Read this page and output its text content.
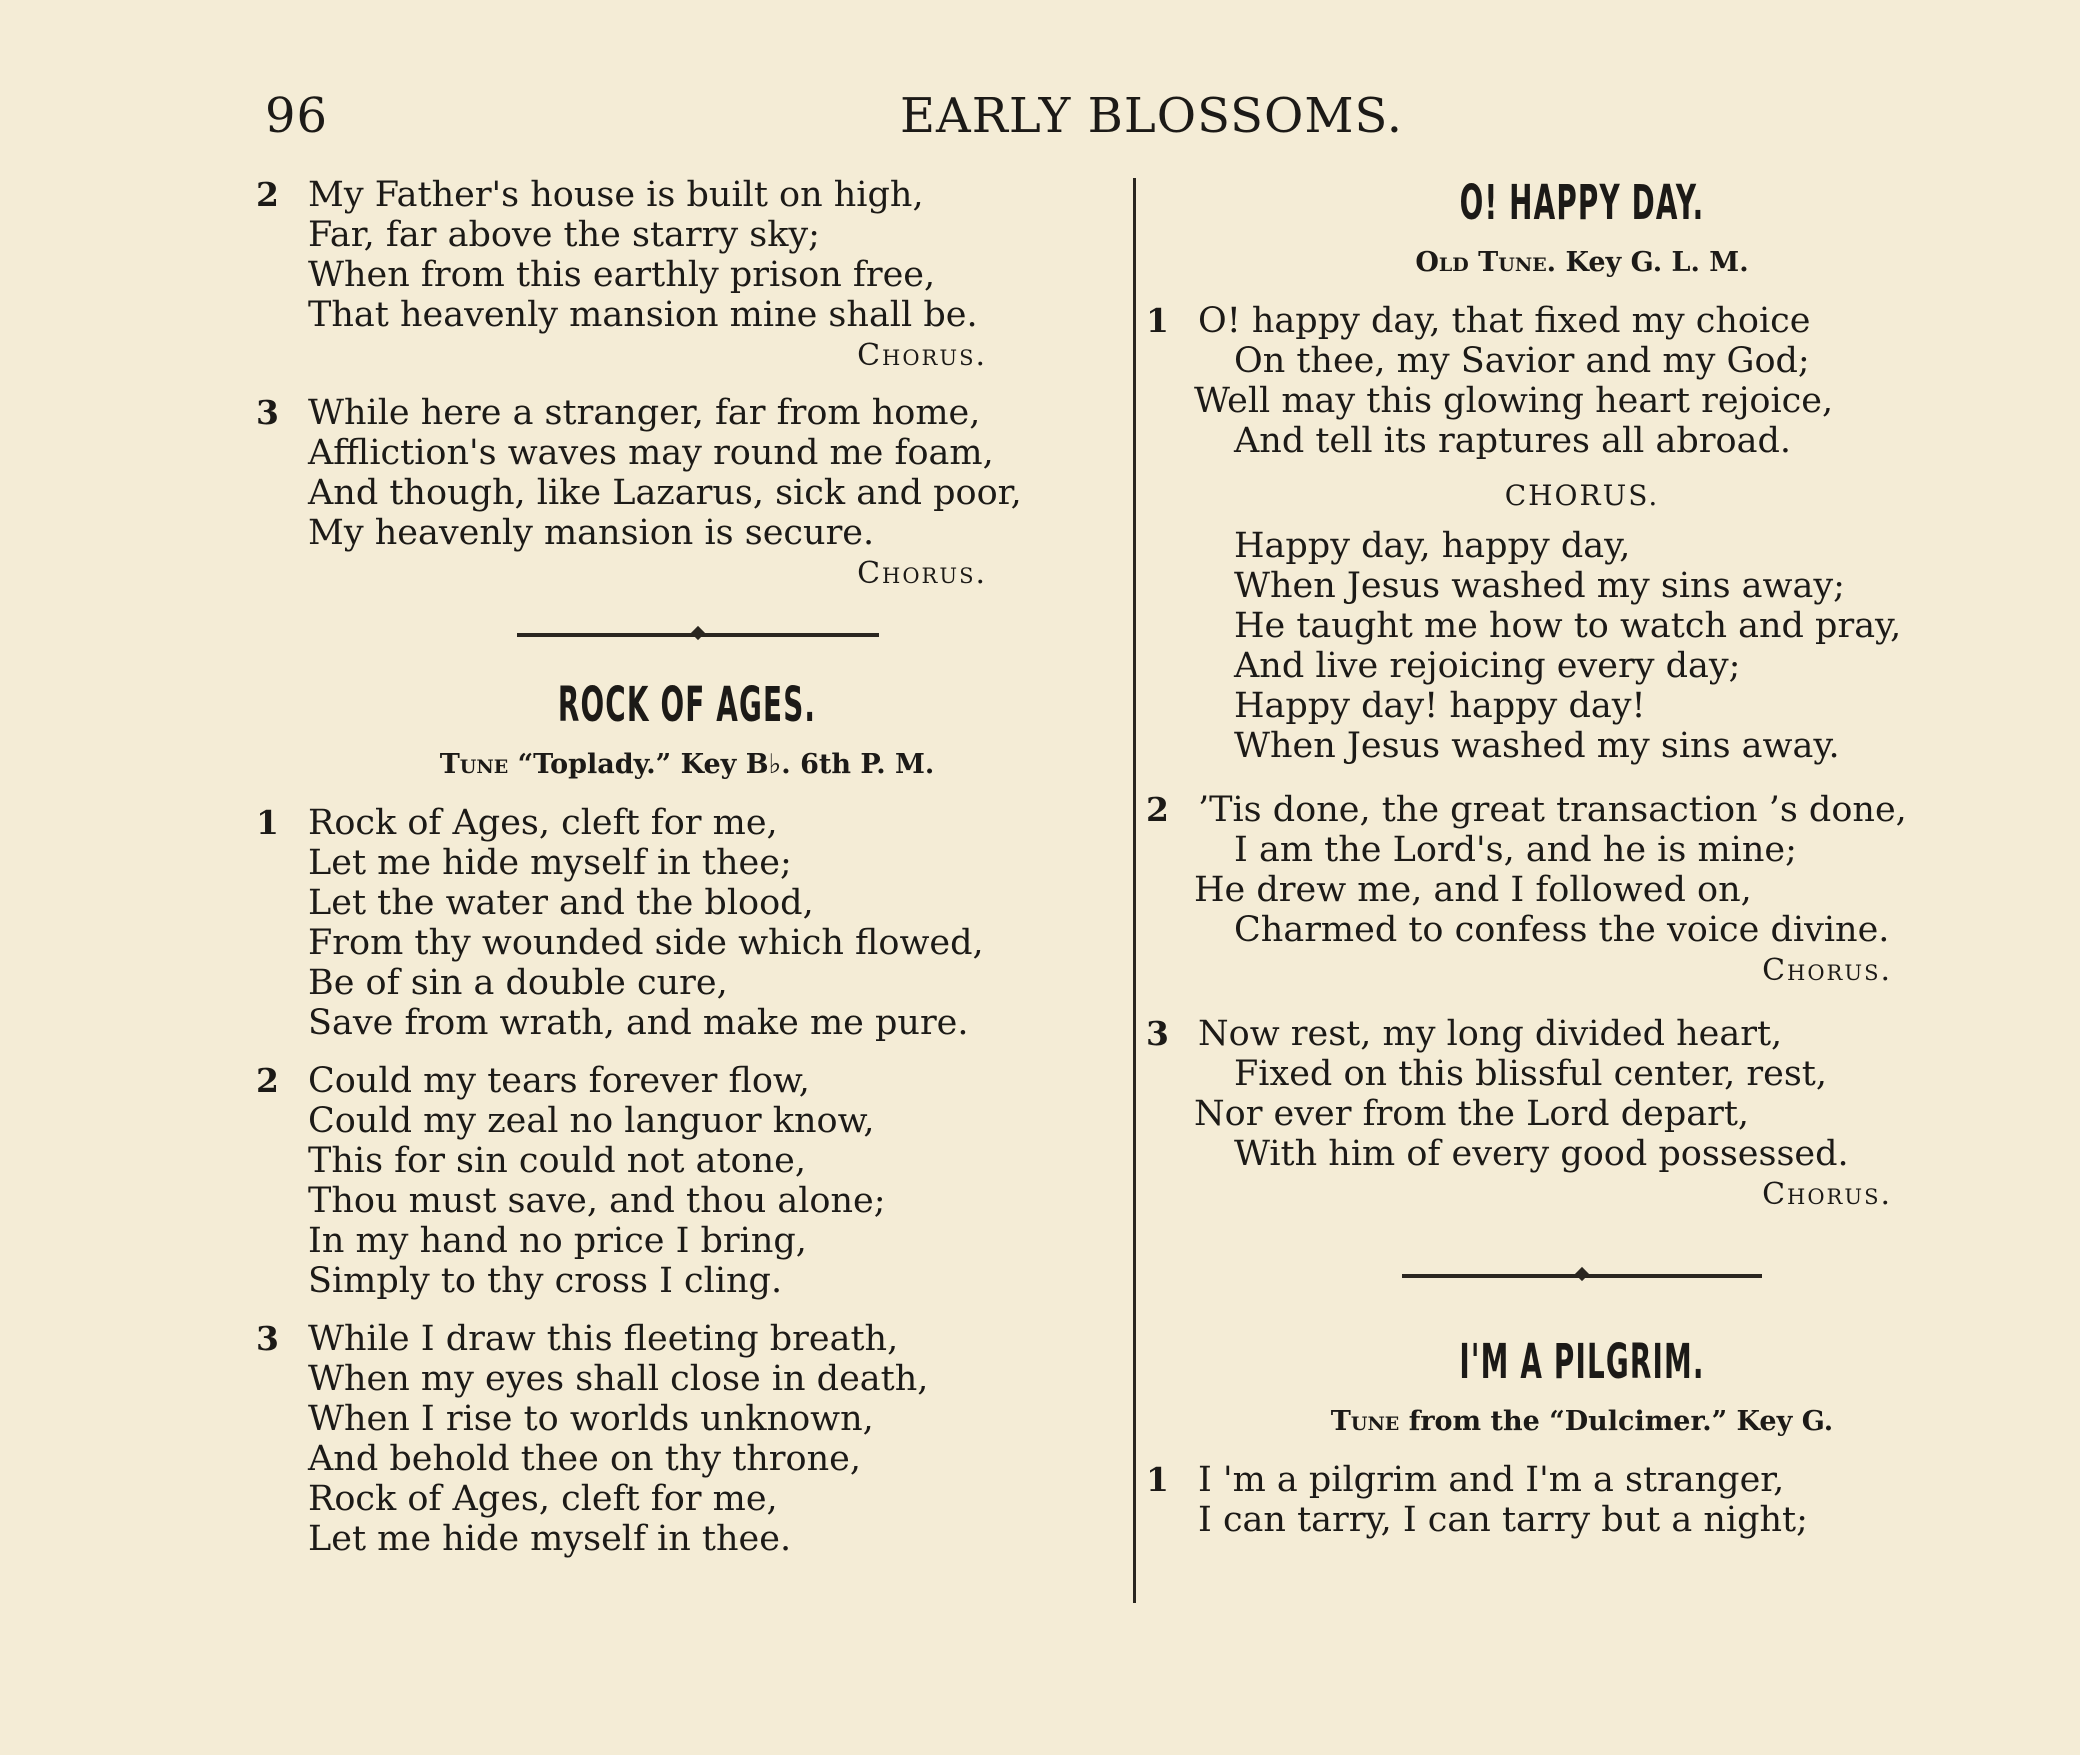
96	EARLY BLOSSOMS.
2 My Father's house is built on high,
Far, far above the starry sky;
When from this earthly prison free,
That heavenly mansion mine shall be.
Chorus.
3 While here a stranger, far from home,
Affliction's waves may round me foam,
And though, like Lazarus, sick and poor,
My heavenly mansion is secure.
Chorus.
ROCK OF AGES.
Tune “Toplady.” Key B♭. 6th P. M.
1 Rock of Ages, cleft for me,
Let me hide myself in thee;
Let the water and the blood,
From thy wounded side which flowed,
Be of sin a double cure,
Save from wrath, and make me pure.
2 Could my tears forever flow,
Could my zeal no languor know,
This for sin could not atone,
Thou must save, and thou alone;
In my hand no price I bring,
Simply to thy cross I cling.
3 While I draw this fleeting breath,
When my eyes shall close in death,
When I rise to worlds unknown,
And behold thee on thy throne,
Rock of Ages, cleft for me,
Let me hide myself in thee.
O! HAPPY DAY.
Old Tune. Key G. L. M.
1 O! happy day, that fixed my choice
On thee, my Savior and my God;
Well may this glowing heart rejoice,
And tell its raptures all abroad.
CHORUS.
Happy day, happy day,
When Jesus washed my sins away;
He taught me how to watch and pray,
And live rejoicing every day;
Happy day! happy day!
When Jesus washed my sins away.
2 ’Tis done, the great transaction ’s done,
I am the Lord's, and he is mine;
He drew me, and I followed on,
Charmed to confess the voice divine.
Chorus.
3 Now rest, my long divided heart,
Fixed on this blissful center, rest,
Nor ever from the Lord depart,
With him of every good possessed.
Chorus.
I'M A PILGRIM.
Tune from the “Dulcimer.” Key G.
1 I 'm a pilgrim and I'm a stranger,
I can tarry, I can tarry but a night;
